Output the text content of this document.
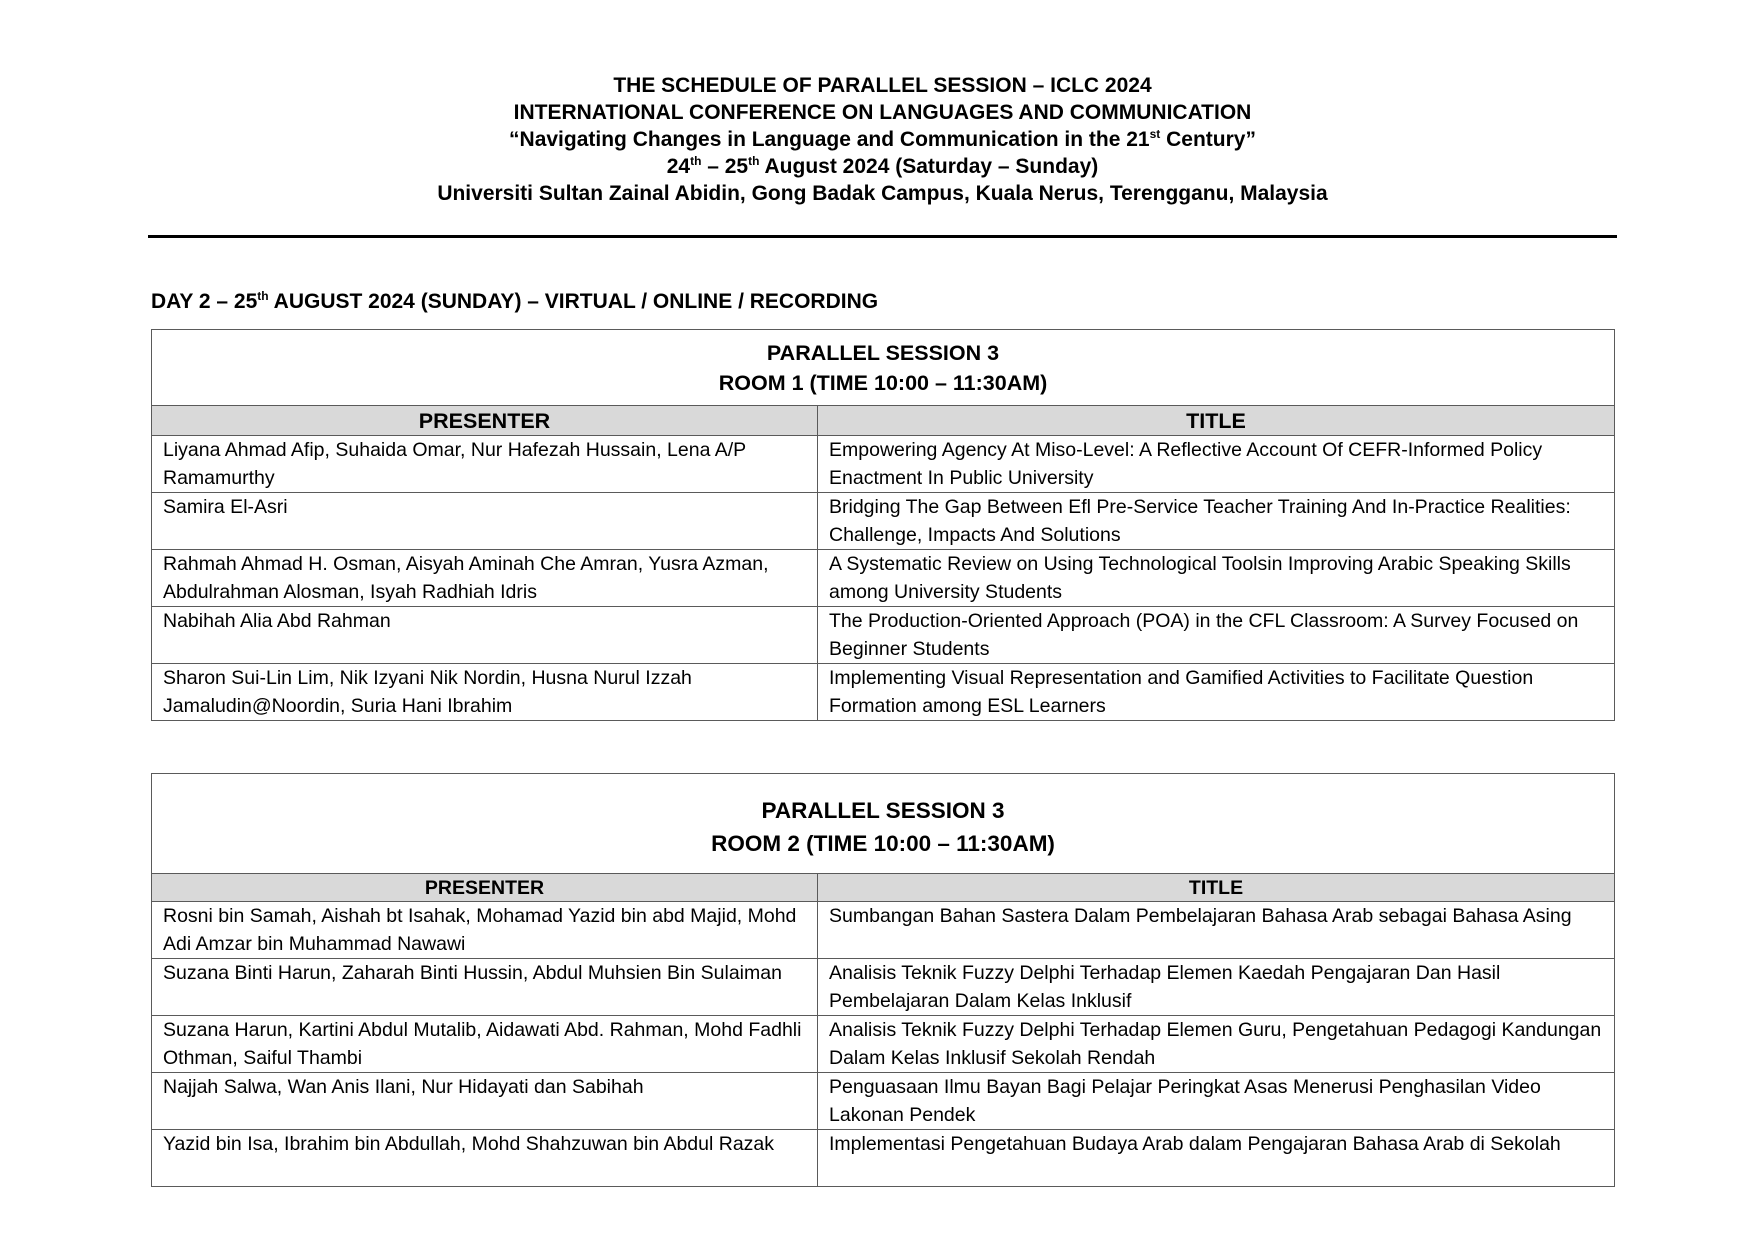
THE SCHEDULE OF PARALLEL SESSION – ICLC 2024
INTERNATIONAL CONFERENCE ON LANGUAGES AND COMMUNICATION
“Navigating Changes in Language and Communication in the 21st Century”
24th – 25th August 2024 (Saturday – Sunday)
Universiti Sultan Zainal Abidin, Gong Badak Campus, Kuala Nerus, Terengganu, Malaysia
DAY 2 – 25th AUGUST 2024 (SUNDAY) – VIRTUAL / ONLINE / RECORDING
PARALLEL SESSION 3
ROOM 1 (TIME 10:00 – 11:30AM)	

PRESENTER	TITLE
Liyana Ahmad Afip, Suhaida Omar, Nur Hafezah Hussain, Lena A/P Ramamurthy	Empowering Agency At Miso-Level: A Reflective Account Of CEFR-Informed Policy Enactment In Public University
Samira El-Asri	Bridging The Gap Between Efl Pre-Service Teacher Training And In-Practice Realities: Challenge, Impacts And Solutions
Rahmah Ahmad H. Osman, Aisyah Aminah Che Amran, Yusra Azman, Abdulrahman Alosman, Isyah Radhiah Idris	A Systematic Review on Using Technological Toolsin Improving Arabic Speaking Skills among University Students
Nabihah Alia Abd Rahman	The Production-Oriented Approach (POA) in the CFL Classroom: A Survey Focused on Beginner Students
Sharon Sui-Lin Lim, Nik Izyani Nik Nordin, Husna Nurul Izzah Jamaludin@Noordin, Suria Hani Ibrahim	Implementing Visual Representation and Gamified Activities to Facilitate Question Formation among ESL Learners
PARALLEL SESSION 3
ROOM 2 (TIME 10:00 – 11:30AM)	

PRESENTER	TITLE
Rosni bin Samah, Aishah bt Isahak, Mohamad Yazid bin abd Majid, Mohd Adi Amzar bin Muhammad Nawawi	Sumbangan Bahan Sastera Dalam Pembelajaran Bahasa Arab sebagai Bahasa Asing
Suzana Binti Harun, Zaharah Binti Hussin, Abdul Muhsien Bin Sulaiman	Analisis Teknik Fuzzy Delphi Terhadap Elemen Kaedah Pengajaran Dan Hasil Pembelajaran Dalam Kelas Inklusif
Suzana Harun, Kartini Abdul Mutalib, Aidawati Abd. Rahman, Mohd Fadhli Othman, Saiful Thambi	Analisis Teknik Fuzzy Delphi Terhadap Elemen Guru, Pengetahuan Pedagogi Kandungan Dalam Kelas Inklusif Sekolah Rendah
Najjah Salwa, Wan Anis Ilani, Nur Hidayati dan Sabihah	Penguasaan Ilmu Bayan Bagi Pelajar Peringkat Asas Menerusi Penghasilan Video Lakonan Pendek
Yazid bin Isa, Ibrahim bin Abdullah, Mohd Shahzuwan bin Abdul Razak	Implementasi Pengetahuan Budaya Arab dalam Pengajaran Bahasa Arab di Sekolah
